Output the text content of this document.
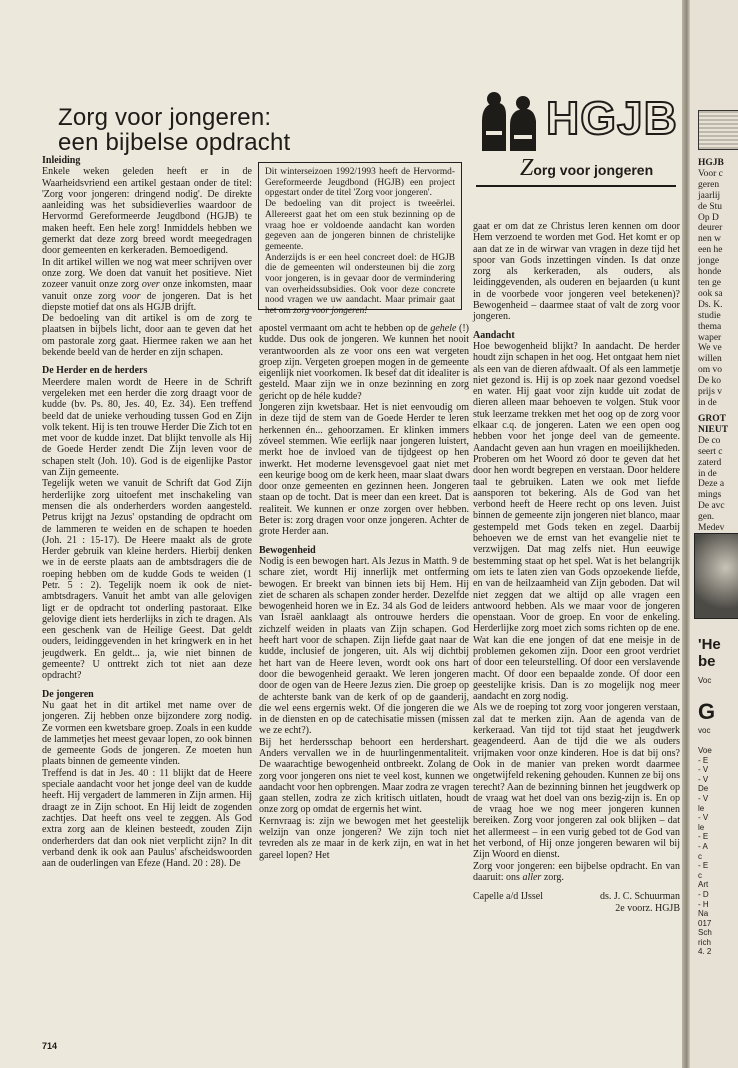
Zorg voor jongeren:
een bijbelse opdracht	HGJB
Zorg voor jongeren

Inleiding

Enkele weken geleden heeft er in de Waarheidsvriend een artikel gestaan onder de titel: 'Zorg voor jongeren: dringend nodig'. De direkte aanleiding was het subsidieverlies waardoor de Hervormd Gereformeerde Jeugdbond (HGJB) te maken heeft. Een hele zorg! Inmiddels hebben we gemerkt dat deze zorg breed wordt meegedragen door gemeenten en kerkeraden. Bemoedigend.

In dit artikel willen we nog wat meer schrijven over onze zorg. We doen dat vanuit het positieve. Niet zozeer vanuit onze zorg over onze inkomsten, maar vanuit onze zorg voor de jongeren. Dat is het diepste motief dat ons als HGJB drijft.

De bedoeling van dit artikel is om de zorg te plaatsen in bijbels licht, door aan te geven dat het om pastorale zorg gaat. Hiermee raken we aan het bekende beeld van de herder en zijn schapen.

De Herder en de herders

Meerdere malen wordt de Heere in de Schrift vergeleken met een herder die zorg draagt voor de kudde (bv. Ps. 80, Jes. 40, Ez. 34). Een treffend beeld dat de unieke verhouding tussen God en Zijn volk tekent. Hij is ten trouwe Herder Die Zich tot en met voor de kudde inzet. Dat blijkt tenvolle als Hij de Goede Herder zendt Die Zijn leven voor de schapen stelt (Joh. 10). God is de eigenlijke Pastor van Zijn gemeente.

Tegelijk weten we vanuit de Schrift dat God Zijn herderlijke zorg uitoefent met inschakeling van mensen die als onderherders worden aangesteld. Petrus krijgt na Jezus' opstanding de opdracht om de lammeren te weiden en de schapen te hoeden (Joh. 21 : 15-17). De Heere maakt als de grote Herder gebruik van kleine herders. Hierbij denken we in de eerste plaats aan de ambtsdragers die de roeping hebben om de kudde Gods te weiden (1 Petr. 5 : 2). Tegelijk noem ik ook de niet-ambtsdragers. Vanuit het ambt van alle gelovigen ligt er de opdracht tot onderling pastoraat. Elke gelovige dient iets herderlijks in zich te dragen. Als een geschenk van de Heilige Geest. Dat geldt ouders, leidinggevenden in het kringwerk en in het jeugdwerk. En geldt... ja, wie niet binnen de gemeente? U onttrekt zich tot niet aan deze opdracht?

De jongeren

Nu gaat het in dit artikel met name over de jongeren. Zij hebben onze bijzondere zorg nodig. Ze vormen een kwetsbare groep. Zoals in een kudde de lammetjes het meest gevaar lopen, zo ook binnen de gemeente Gods de jongeren. Ze moeten hun plaats binnen de gemeente vinden.

Treffend is dat in Jes. 40 : 11 blijkt dat de Heere speciale aandacht voor het jonge deel van de kudde heeft. Hij vergadert de lammeren in Zijn armen. Hij draagt ze in Zijn schoot. En Hij leidt de zogenden zachtjes. Dat heeft ons veel te zeggen. Als God extra zorg aan de kleinen besteedt, zouden Zijn onderherders dat dan ook niet verplicht zijn? In dit verband denk ik ook aan Paulus' afscheidswoorden aan de ouderlingen van Efeze (Hand. 20 : 28). De

Dit winterseizoen 1992/1993 heeft de Hervormd-Gereformeerde Jeugdbond (HGJB) een project opgestart onder de titel 'Zorg voor jongeren'.

De bedoeling van dit project is tweeërlei. Allereerst gaat het om een stuk bezinning op de vraag hoe er voldoende aandacht kan worden gegeven aan de jongeren binnen de christelijke gemeente.

Anderzijds is er een heel concreet doel: de HGJB die de gemeenten wil ondersteunen bij die zorg voor jongeren, is in gevaar door de vermindering van overheidssubsidies. Ook voor deze concrete nood vragen we uw aandacht. Maar primair gaat het om zorg voor jongeren!

apostel vermaant om acht te hebben op de gehele (!) kudde. Dus ook de jongeren. We kunnen het nooit verantwoorden als ze voor ons een wat vergeten groep zijn. Vergeten groepen mogen in de gemeente eigenlijk niet voorkomen. Ik besef dat dit idealiter is gesteld. Maar zijn we in onze bezinning en zorg gericht op de héle kudde?

Jongeren zijn kwetsbaar. Het is niet eenvoudig om in deze tijd de stem van de Goede Herder te leren herkennen én... gehoorzamen. Er klinken immers zóveel stemmen. Wie eerlijk naar jongeren luistert, merkt hoe de invloed van de tijdgeest op hen inwerkt. Het moderne levensgevoel gaat niet met een keurige boog om de kerk heen, maar slaat dwars door onze gemeenten en gezinnen heen. Jongeren staan op de tocht. Dat is meer dan een kreet. Dat is realiteit. We kunnen er onze zorgen over hebben. Beter is: zorg dragen voor onze jongeren. Achter de grote Herder aan.

Bewogenheid

Nodig is een bewogen hart. Als Jezus in Matth. 9 de schare ziet, wordt Hij innerlijk met ontferming bewogen. Er breekt van binnen iets bij Hem. Hij ziet de scharen als schapen zonder herder. Dezelfde bewogenheid horen we in Ez. 34 als God de leiders van Israël aanklaagt als ontrouwe herders die zichzelf weiden in plaats van Zijn schapen. God heeft hart voor de schapen. Zijn liefde gaat naar de kudde, inclusief de jongeren, uit. Als wij dichtbij het hart van de Heere leven, wordt ook ons hart door die bewogenheid geraakt. We leren jongeren door de ogen van de Heere Jezus zien. Die groep op de achterste bank van de kerk of op de gaanderij, die wel eens ergernis wekt. Of die jongeren die we in de diensten en op de catechisatie missen (missen we ze echt?).

Bij het herdersschap behoort een herdershart. Anders vervallen we in de huurlingenmentaliteit. De waarachtige bewogenheid ontbreekt. Zolang de zorg voor jongeren ons niet te veel kost, kunnen we aandacht voor hen opbrengen. Maar zodra ze vragen gaan stellen, zodra ze zich kritisch uitlaten, houdt onze zorg op omdat de ergernis het wint.

Kernvraag is: zijn we bewogen met het geestelijk welzijn van onze jongeren? We zijn toch niet tevreden als ze maar in de kerk zijn, en wat in het gareel lopen? Het

gaat er om dat ze Christus leren kennen om door Hem verzoend te worden met God. Het komt er op aan dat ze in de wirwar van vragen in deze tijd het spoor van Gods inzettingen vinden. Is dat onze zorg als kerkeraden, als ouders, als leidinggevenden, als ouderen en bejaarden (u kunt in de voorbede voor jongeren veel betekenen)? Bewogenheid – daarmee staat of valt de zorg voor jongeren.

Aandacht

Hoe bewogenheid blijkt? In aandacht. De herder houdt zijn schapen in het oog. Het ontgaat hem niet als een van de dieren afdwaalt. Of als een lammetje niet gezond is. Hij is op zoek naar gezond voedsel en water. Hij gaat voor zijn kudde uit zodat de dieren alleen maar behoeven te volgen. Stuk voor stuk leerzame trekken met het oog op de zorg voor elkaar c.q. de jongeren. Laten we een open oog hebben voor het jonge deel van de gemeente. Aandacht geven aan hun vragen en moeilijkheden. Proberen om het Woord zó door te geven dat het door hen wordt begrepen en verstaan. Door heldere taal te gebruiken. Laten we ook met liefde aansporen tot bekering. Als de God van het verbond heeft de Heere recht op ons leven. Juist binnen de gemeente zijn jongeren niet blanco, maar gestempeld met Gods teken en zegel. Daarbij behoeven we de ernst van het evangelie niet te verzwijgen. Dat mag zelfs niet. Hun eeuwige bestemming staat op het spel. Wat is het belangrijk om iets te laten zien van Gods opzoekende liefde, en van de heilzaamheid van Zijn geboden. Dat wil niet zeggen dat we altijd op alle vragen een antwoord hebben. Als we maar voor de jongeren openstaan. Voor de groep. En voor de enkeling. Herderlijke zorg moet zich soms richten op de ene. Wat kan die ene jongen of dat ene meisje in de problemen gekomen zijn. Door een groot verdriet of door een teleurstelling. Of door een verslavende macht. Of door een bepaalde zonde. Of door een geestelijke krisis. Dan is zo mogelijk nog meer aandacht en zorg nodig.

Als we de roeping tot zorg voor jongeren verstaan, zal dat te merken zijn. Aan de agenda van de kerkeraad. Van tijd tot tijd staat het jeugdwerk geagendeerd. Aan de tijd die we als ouders vrijmaken voor onze kinderen. Hoe is dat bij ons? Ook in de manier van preken wordt daarmee ongetwijfeld rekening gehouden. Kunnen ze bij ons terecht? Aan de bezinning binnen het jeugdwerk op de vraag wat het doel van ons bezig-zijn is. En op de vraag hoe we nog meer jongeren kunnen bereiken. Zorg voor jongeren zal ook blijken – dat het allermeest – in een vurig gebed tot de God van het verbond, of Hij onze jongeren bewaren wil bij Zijn Woord en dienst.

Zorg voor jongeren: een bijbelse opdracht. En van daaruit: ons aller zorg.

Capelle a/d IJssel	ds. J. C. Schuurman
2e voorz. HGJB
714
HGJB
Voor c
geren
jaarlij
de Stu
Op D
deurer
nen w
een he
jonge
honde
ten ge
ook sa
Ds. K.
studie
thema
waper
We ve
willen
om vo
De ko
prijs v
in de
GROT
NIEUT
De co
seert c
zaterd
in de
Deze a
mings
De avc
gen.
Medev
'He
be
Voc
G
voc
Voe
- E
- V
- V
De
- V
le
- V
le
- E
- A
c
- E
c
Art
- D
- H
Na
017
Sch
rich
4. 2
